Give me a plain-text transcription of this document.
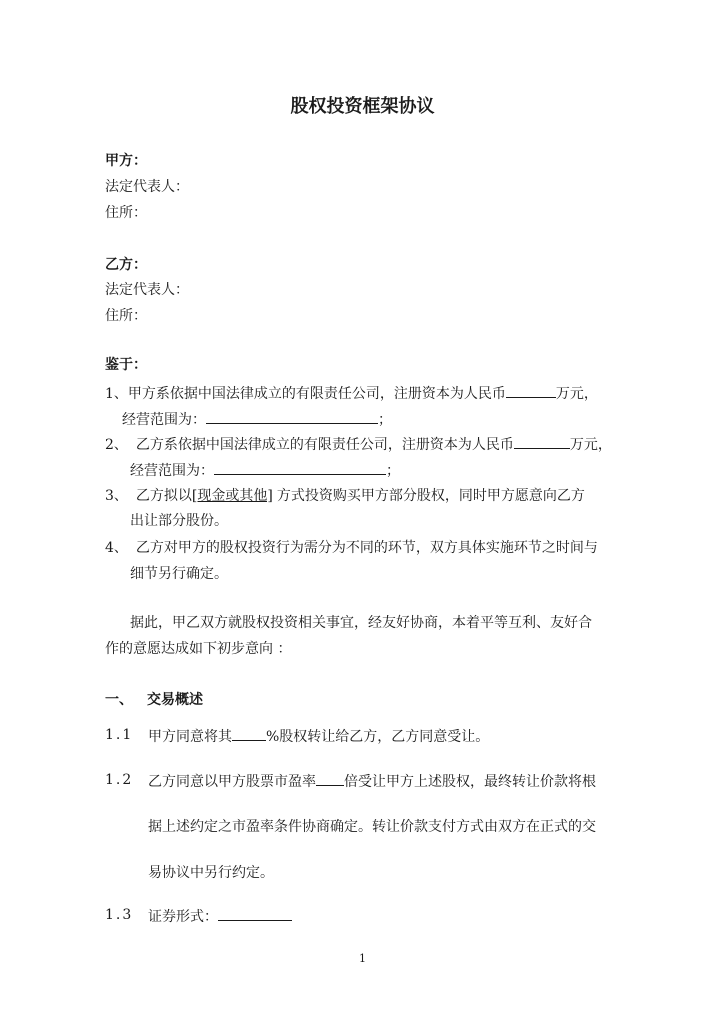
股权投资框架协议
甲方：
法定代表人：
住所：
乙方：
法定代表人：
住所：
鉴于：
1、甲方系依据中国法律成立的有限责任公司，注册资本为人民币	万元，
经营范围为：	；
2、 乙方系依据中国法律成立的有限责任公司，注册资本为人民币	万元，
经营范围为：	；
3、 乙方拟以[现金或其他] 方式投资购买甲方部分股权，同时甲方愿意向乙方
出让部分股份。
4、 乙方对甲方的股权投资行为需分为不同的环节，双方具体实施环节之时间与
细节另行确定。
据此，甲乙双方就股权投资相关事宜，经友好协商，本着平等互利、友好合
作的意愿达成如下初步意向 ：
一、 交易概述
1.1 甲方同意将其 %股权转让给乙方，乙方同意受让。
1.2 乙方同意以甲方股票市盈率 倍受让甲方上述股权，最终转让价款将根
据上述约定之市盈率条件协商确定。转让价款支付方式由双方在正式的交
易协议中另行约定。
1.3 证券形式：
1
